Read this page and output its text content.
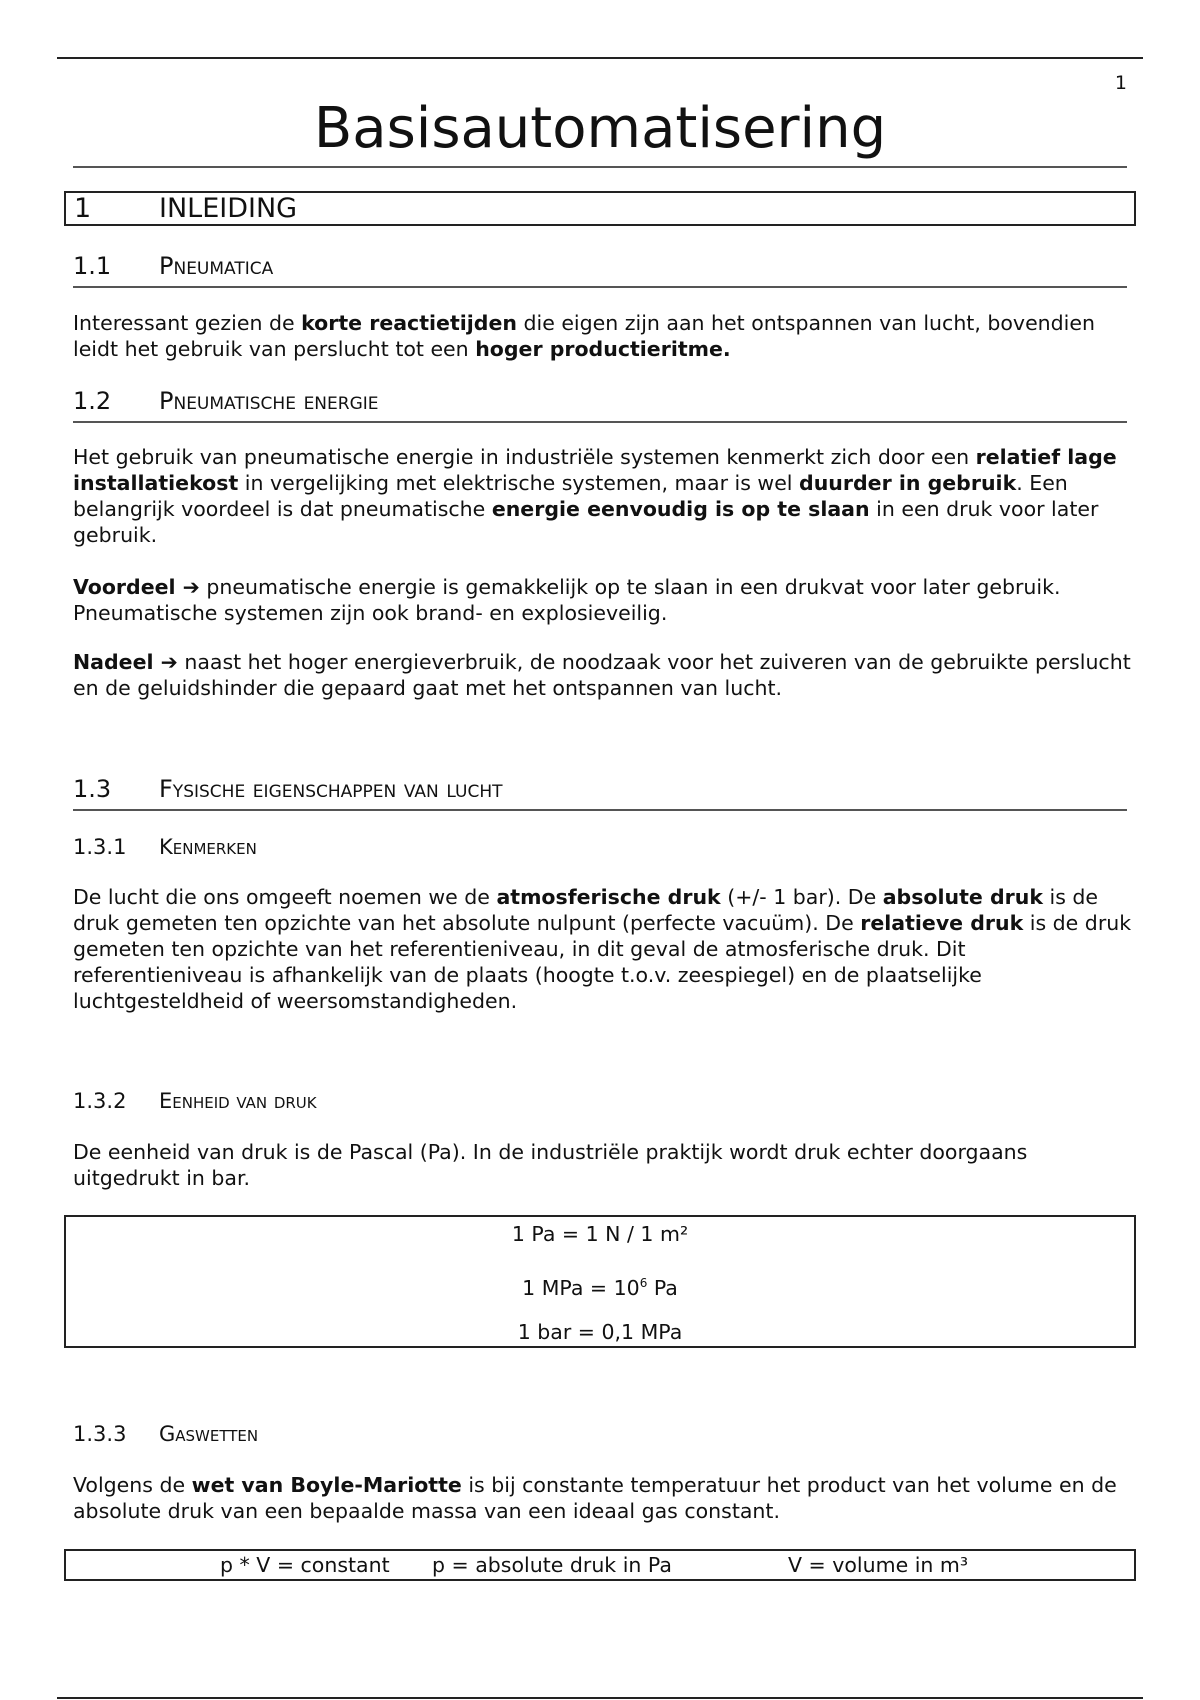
1
Basisautomatisering
1	INLEIDING
1.1 Pneumatica

Interessant gezien de korte reactietijden die eigen zijn aan het ontspannen van lucht, bovendien leidt het gebruik van perslucht tot een hoger productieritme.

1.2 Pneumatische energie

Het gebruik van pneumatische energie in industriële systemen kenmerkt zich door een relatief lage installatiekost in vergelijking met elektrische systemen, maar is wel duurder in gebruik. Een belangrijk voordeel is dat pneumatische energie eenvoudig is op te slaan in een druk voor later gebruik.

Voordeel ➔ pneumatische energie is gemakkelijk op te slaan in een drukvat voor later gebruik. Pneumatische systemen zijn ook brand- en explosieveilig.

Nadeel ➔ naast het hoger energieverbruik, de noodzaak voor het zuiveren van de gebruikte perslucht en de geluidshinder die gepaard gaat met het ontspannen van lucht.

1.3 Fysische eigenschappen van lucht
1.3.1 Kenmerken

De lucht die ons omgeeft noemen we de atmosferische druk (+/- 1 bar). De absolute druk is de druk gemeten ten opzichte van het absolute nulpunt (perfecte vacuüm). De relatieve druk is de druk gemeten ten opzichte van het referentieniveau, in dit geval de atmosferische druk. Dit referentieniveau is afhankelijk van de plaats (hoogte t.o.v. zeespiegel) en de plaatselijke luchtgesteldheid of weersomstandigheden.

1.3.2 Eenheid van druk

De eenheid van druk is de Pascal (Pa). In de industriële praktijk wordt druk echter doorgaans uitgedrukt in bar.

1 Pa = 1 N / 1 m²
1 MPa = $10^6$ Pa
1 bar = 0,1 MPa
1.3.3 Gaswetten

Volgens de wet van Boyle-Mariotte is bij constante temperatuur het product van het volume en de absolute druk van een bepaalde massa van een ideaal gas constant.

p * V = constant p = absolute druk in Pa	V = volume in m³
